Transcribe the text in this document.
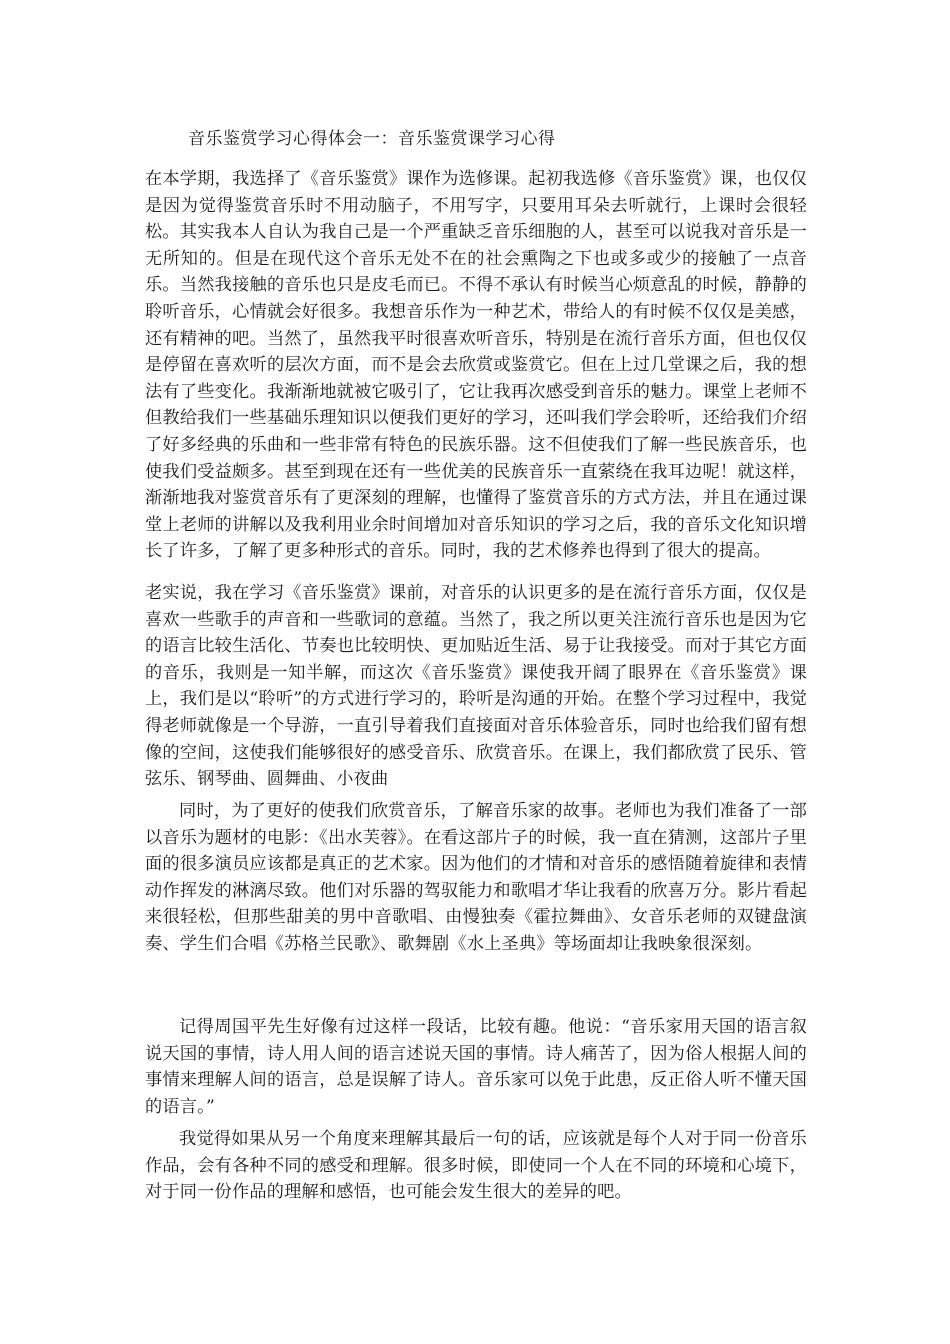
音乐鉴赏学习心得体会一：音乐鉴赏课学习心得

在本学期，我选择了《音乐鉴赏》课作为选修课。起初我选修《音乐鉴赏》课，也仅仅是因为觉得鉴赏音乐时不用动脑子，不用写字，只要用耳朵去听就行，上课时会很轻松。其实我本人自认为我自己是一个严重缺乏音乐细胞的人，甚至可以说我对音乐是一无所知的。但是在现代这个音乐无处不在的社会熏陶之下也或多或少的接触了一点音乐。当然我接触的音乐也只是皮毛而已。不得不承认有时候当心烦意乱的时候，静静的聆听音乐，心情就会好很多。我想音乐作为一种艺术，带给人的有时候不仅仅是美感，还有精神的吧。当然了，虽然我平时很喜欢听音乐，特别是在流行音乐方面，但也仅仅是停留在喜欢听的层次方面，而不是会去欣赏或鉴赏它。但在上过几堂课之后，我的想法有了些变化。我渐渐地就被它吸引了，它让我再次感受到音乐的魅力。课堂上老师不但教给我们一些基础乐理知识以便我们更好的学习，还叫我们学会聆听，还给我们介绍了好多经典的乐曲和一些非常有特色的民族乐器。这不但使我们了解一些民族音乐，也使我们受益颇多。甚至到现在还有一些优美的民族音乐一直萦绕在我耳边呢！就这样，渐渐地我对鉴赏音乐有了更深刻的理解，也懂得了鉴赏音乐的方式方法，并且在通过课堂上老师的讲解以及我利用业余时间增加对音乐知识的学习之后，我的音乐文化知识增长了许多，了解了更多种形式的音乐。同时，我的艺术修养也得到了很大的提高。

老实说，我在学习《音乐鉴赏》课前，对音乐的认识更多的是在流行音乐方面，仅仅是喜欢一些歌手的声音和一些歌词的意蕴。当然了，我之所以更关注流行音乐也是因为它的语言比较生活化、节奏也比较明快、更加贴近生活、易于让我接受。而对于其它方面的音乐，我则是一知半解，而这次《音乐鉴赏》课使我开阔了眼界在《音乐鉴赏》课上，我们是以“聆听”的方式进行学习的，聆听是沟通的开始。在整个学习过程中，我觉得老师就像是一个导游，一直引导着我们直接面对音乐体验音乐，同时也给我们留有想像的空间，这使我们能够很好的感受音乐、欣赏音乐。在课上，我们都欣赏了民乐、管弦乐、钢琴曲、圆舞曲、小夜曲

同时，为了更好的使我们欣赏音乐，了解音乐家的故事。老师也为我们准备了一部以音乐为题材的电影：《出水芙蓉》。在看这部片子的时候，我一直在猜测，这部片子里面的很多演员应该都是真正的艺术家。因为他们的才情和对音乐的感悟随着旋律和表情动作挥发的淋漓尽致。他们对乐器的驾驭能力和歌唱才华让我看的欣喜万分。影片看起来很轻松，但那些甜美的男中音歌唱、由慢独奏《霍拉舞曲》、女音乐老师的双键盘演奏、学生们合唱《苏格兰民歌》、歌舞剧《水上圣典》等场面却让我映象很深刻。

记得周国平先生好像有过这样一段话，比较有趣。他说：“音乐家用天国的语言叙说天国的事情，诗人用人间的语言述说天国的事情。诗人痛苦了，因为俗人根据人间的事情来理解人间的语言，总是误解了诗人。音乐家可以免于此患，反正俗人听不懂天国的语言。”

我觉得如果从另一个角度来理解其最后一句的话，应该就是每个人对于同一份音乐作品，会有各种不同的感受和理解。很多时候，即使同一个人在不同的环境和心境下，对于同一份作品的理解和感悟，也可能会发生很大的差异的吧。
